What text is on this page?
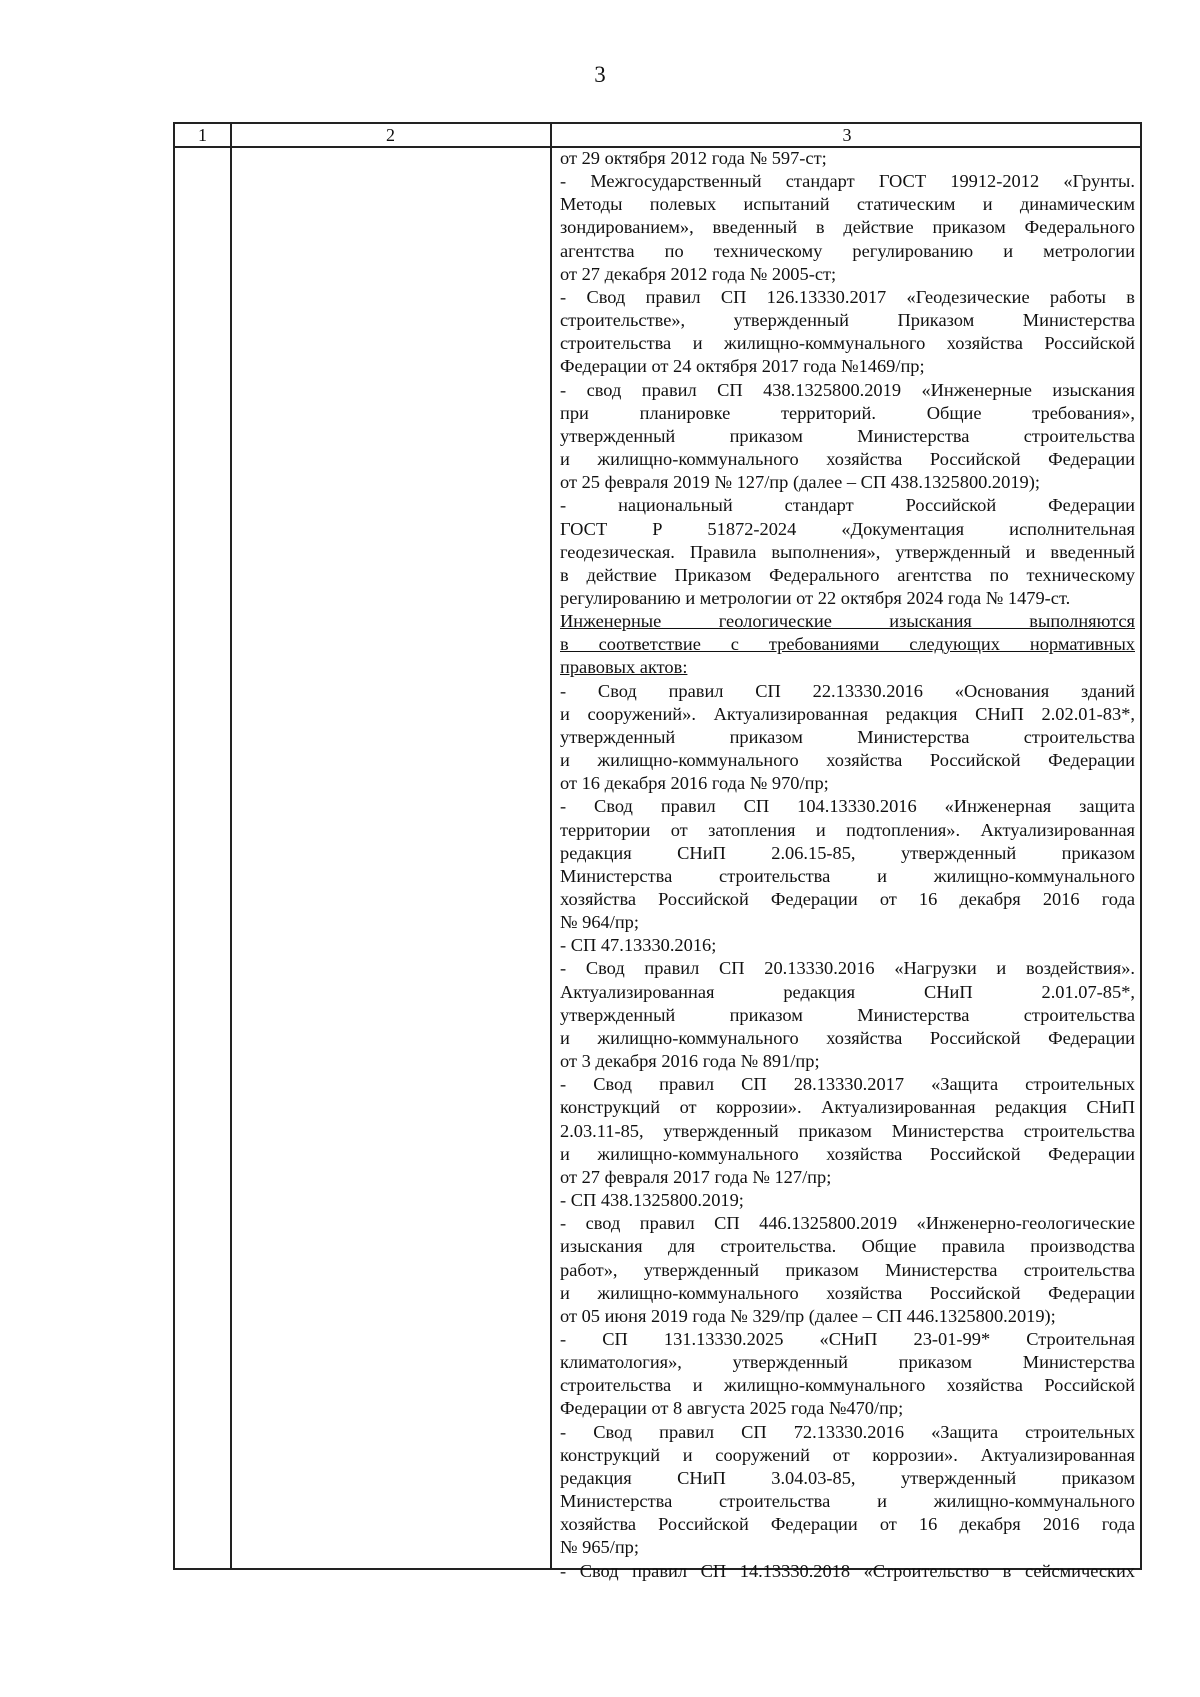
3
1	2	3
от 29 октября 2012 года № 597-ст;
- Межгосударственный стандарт ГОСТ 19912-2012 «Грунты.
Методы полевых испытаний статическим и динамическим
зондированием», введенный в действие приказом Федерального
агентства по техническому регулированию и метрологии
от 27 декабря 2012 года № 2005-ст;
- Свод правил СП 126.13330.2017 «Геодезические работы в
строительстве», утвержденный Приказом Министерства
строительства и жилищно-коммунального хозяйства Российской
Федерации от 24 октября 2017 года №1469/пр;
- свод правил СП 438.1325800.2019 «Инженерные изыскания
при планировке территорий. Общие требования»,
утвержденный приказом Министерства строительства
и жилищно-коммунального хозяйства Российской Федерации
от 25 февраля 2019 № 127/пр (далее – СП 438.1325800.2019);
- национальный стандарт Российской Федерации
ГОСТ Р 51872-2024 «Документация исполнительная
геодезическая. Правила выполнения», утвержденный и введенный
в действие Приказом Федерального агентства по техническому
регулированию и метрологии от 22 октября 2024 года № 1479-ст.
Инженерные геологические изыскания выполняются
в соответствие с требованиями следующих нормативных
правовых актов:
- Свод правил СП 22.13330.2016 «Основания зданий
и сооружений». Актуализированная редакция СНиП 2.02.01-83*,
утвержденный приказом Министерства строительства
и жилищно-коммунального хозяйства Российской Федерации
от 16 декабря 2016 года № 970/пр;
- Свод правил СП 104.13330.2016 «Инженерная защита
территории от затопления и подтопления». Актуализированная
редакция СНиП 2.06.15-85, утвержденный приказом
Министерства строительства и жилищно-коммунального
хозяйства Российской Федерации от 16 декабря 2016 года
№ 964/пр;
- СП 47.13330.2016;
- Свод правил СП 20.13330.2016 «Нагрузки и воздействия».
Актуализированная редакция СНиП 2.01.07-85*,
утвержденный приказом Министерства строительства
и жилищно-коммунального хозяйства Российской Федерации
от 3 декабря 2016 года № 891/пр;
- Свод правил СП 28.13330.2017 «Защита строительных
конструкций от коррозии». Актуализированная редакция СНиП
2.03.11-85, утвержденный приказом Министерства строительства
и жилищно-коммунального хозяйства Российской Федерации
от 27 февраля 2017 года № 127/пр;
- СП 438.1325800.2019;
- свод правил СП 446.1325800.2019 «Инженерно-геологические
изыскания для строительства. Общие правила производства
работ», утвержденный приказом Министерства строительства
и жилищно-коммунального хозяйства Российской Федерации
от 05 июня 2019 года № 329/пр (далее – СП 446.1325800.2019);
- СП 131.13330.2025 «СНиП 23-01-99* Строительная
климатология», утвержденный приказом Министерства
строительства и жилищно-коммунального хозяйства Российской
Федерации от 8 августа 2025 года №470/пр;
- Свод правил СП 72.13330.2016 «Защита строительных
конструкций и сооружений от коррозии». Актуализированная
редакция СНиП 3.04.03-85, утвержденный приказом
Министерства строительства и жилищно-коммунального
хозяйства Российской Федерации от 16 декабря 2016 года
№ 965/пр;
- Свод правил СП 14.13330.2018 «Строительство в сейсмических
